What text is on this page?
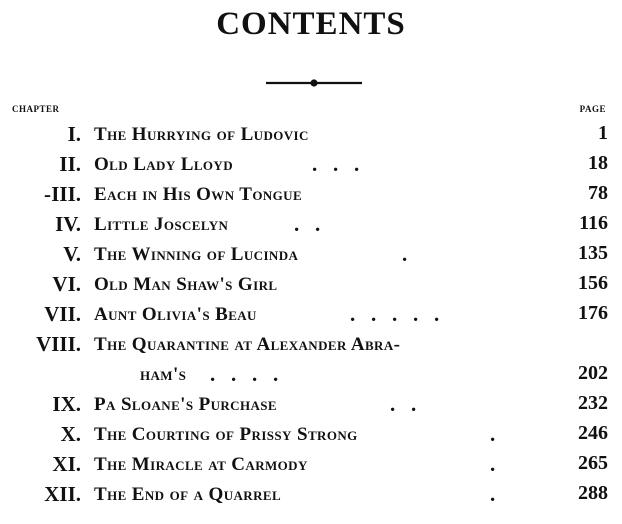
CONTENTS
CHAPTER	PAGE
I. The Hurrying of Ludovic	1
II. Old Lady Lloyd	.   .   .	18
- III. Each in His Own Tongue	78
IV. Little Joscelyn	.   .	116
V. The Winning of Lucinda	.	135
VI. Old Man Shaw's Girl	156
VII. Aunt Olivia's Beau	.   .   .   .   .	176
VIII. The Quarantine at Alexander Abra-
ham's .   .   .   .	202
IX. Pa Sloane's Purchase	.   .	232
X. The Courting of Prissy Strong	.	246
XI. The Miracle at Carmody	.	265
XII. The End of a Quarrel	.	288
